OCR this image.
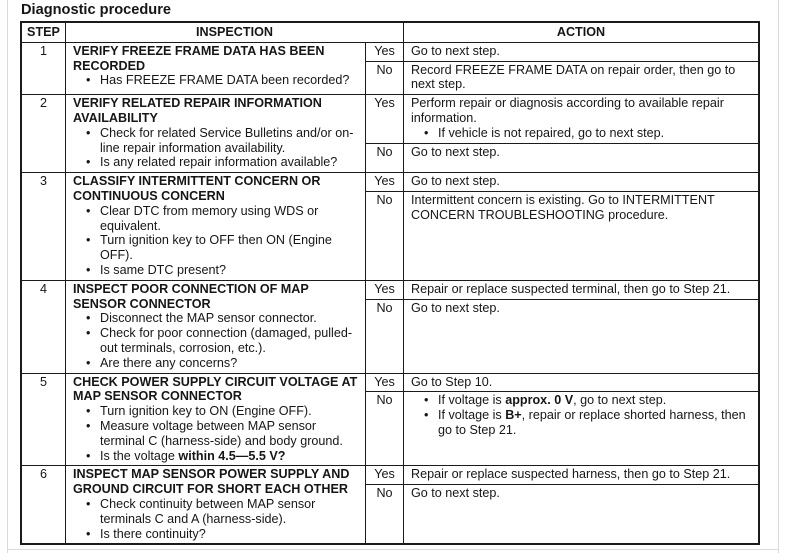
Diagnostic procedure
STEP	INSPECTION	ACTION
1	VERIFY FREEZE FRAME DATA HAS BEEN RECORDED
• Has FREEZE FRAME DATA been recorded?
Yes	Go to next step.
No	Record FREEZE FRAME DATA on repair order, then go to next step.
2	VERIFY RELATED REPAIR INFORMATION AVAILABILITY
• Check for related Service Bulletins and/or on-line repair information availability.
• Is any related repair information available?
Yes	Perform repair or diagnosis according to available repair information.
• If vehicle is not repaired, go to next step.
No	Go to next step.
3	CLASSIFY INTERMITTENT CONCERN OR CONTINUOUS CONCERN
• Clear DTC from memory using WDS or equivalent.
• Turn ignition key to OFF then ON (Engine OFF).
• Is same DTC present?
Yes	Go to next step.
No	Intermittent concern is existing. Go to INTERMITTENT CONCERN TROUBLESHOOTING procedure.
4	INSPECT POOR CONNECTION OF MAP SENSOR CONNECTOR
• Disconnect the MAP sensor connector.
• Check for poor connection (damaged, pulled-out terminals, corrosion, etc.).
• Are there any concerns?
Yes	Repair or replace suspected terminal, then go to Step 21.
No	Go to next step.
5	CHECK POWER SUPPLY CIRCUIT VOLTAGE AT MAP SENSOR CONNECTOR
• Turn ignition key to ON (Engine OFF).
• Measure voltage between MAP sensor terminal C (harness-side) and body ground.
• Is the voltage within 4.5—5.5 V?
Yes	Go to Step 10.
No	• If voltage is approx. 0 V, go to next step.
• If voltage is B+, repair or replace shorted harness, then go to Step 21.
6	INSPECT MAP SENSOR POWER SUPPLY AND GROUND CIRCUIT FOR SHORT EACH OTHER
• Check continuity between MAP sensor terminals C and A (harness-side).
• Is there continuity?
Yes	Repair or replace suspected harness, then go to Step 21.
No	Go to next step.
